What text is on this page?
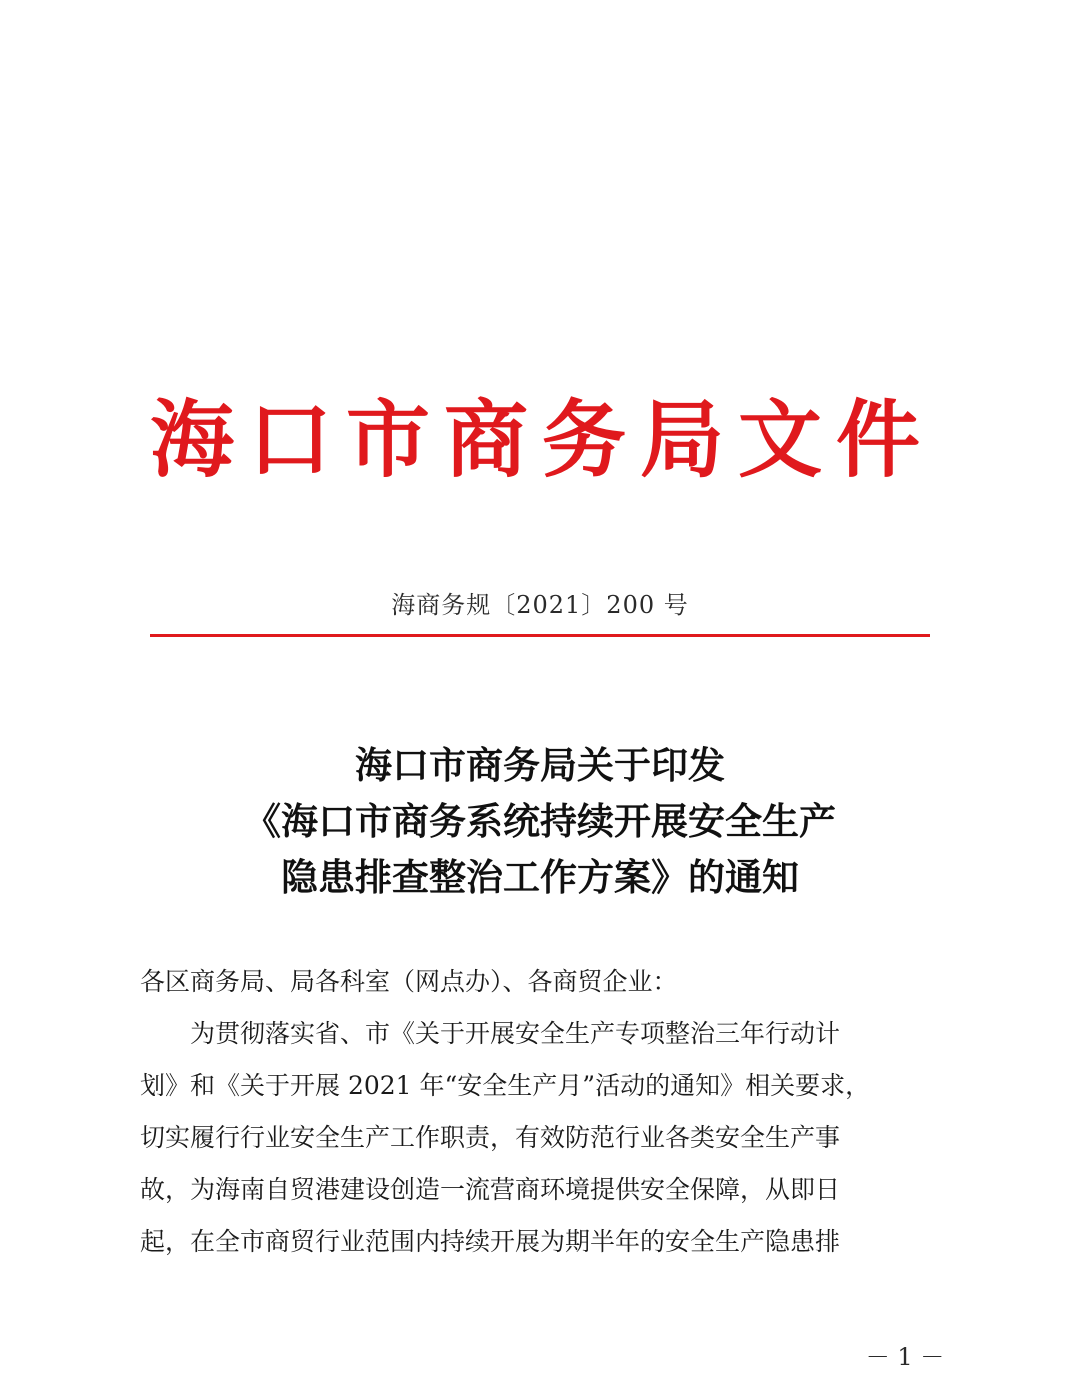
海口市商务局文件
海商务规〔2021〕200 号
海口市商务局关于印发
《海口市商务系统持续开展安全生产
隐患排查整治工作方案》的通知
各区商务局、局各科室（网点办）、各商贸企业：
　　为贯彻落实省、市《关于开展安全生产专项整治三年行动计
划》和《关于开展 2021 年“安全生产月”活动的通知》相关要求，
切实履行行业安全生产工作职责，有效防范行业各类安全生产事
故，为海南自贸港建设创造一流营商环境提供安全保障，从即日
起，在全市商贸行业范围内持续开展为期半年的安全生产隐患排
－ 1 －
